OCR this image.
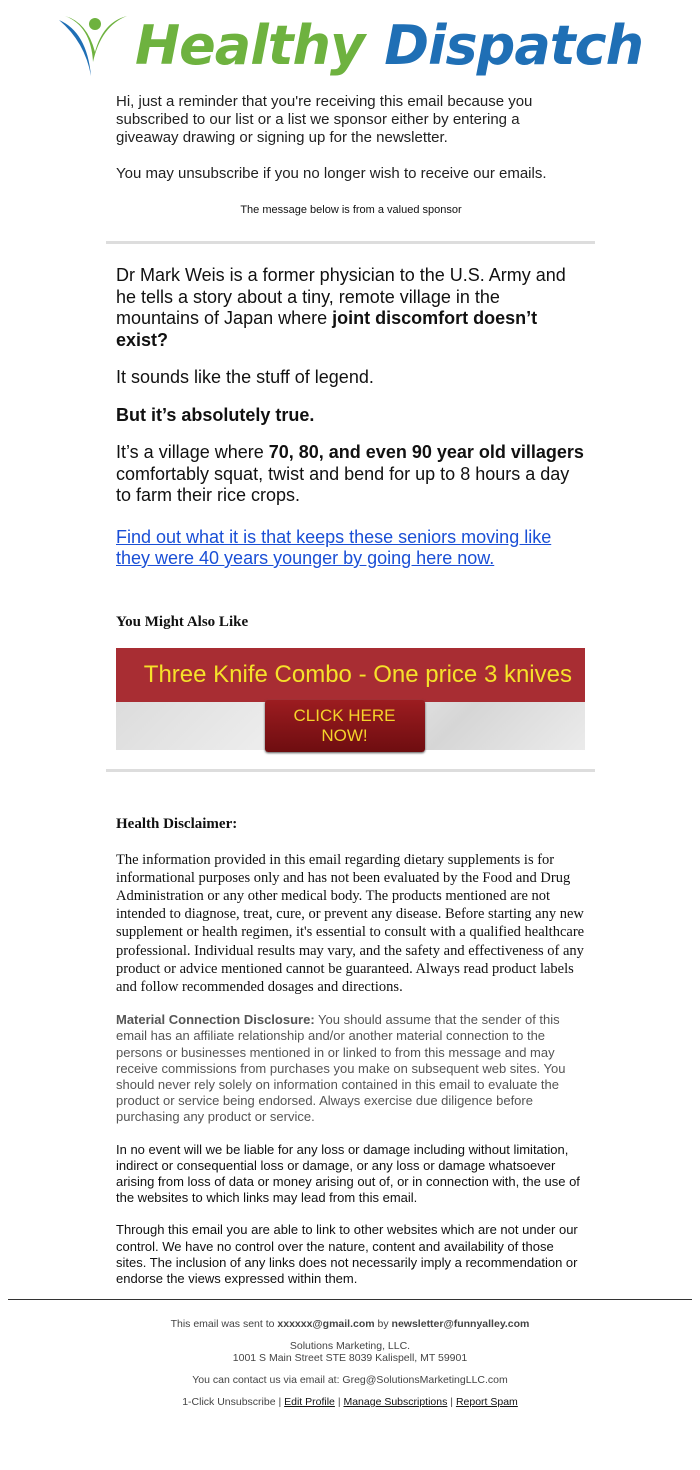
Healthy Dispatch

Hi, just a reminder that you're receiving this email because you subscribed to our list or a list we sponsor either by entering a giveaway drawing or signing up for the newsletter.

You may unsubscribe if you no longer wish to receive our emails.

The message below is from a valued sponsor

Dr Mark Weis is a former physician to the U.S. Army and he tells a story about a tiny, remote village in the mountains of Japan where joint discomfort doesn’t exist?

It sounds like the stuff of legend.

But it’s absolutely true.

It’s a village where 70, 80, and even 90 year old villagers comfortably squat, twist and bend for up to 8 hours a day to farm their rice crops.

Find out what it is that keeps these seniors moving like they were 40 years younger by going here now.

You Might Also Like

Three Knife Combo - One price 3 knives
CLICK HERE NOW!

Health Disclaimer:

The information provided in this email regarding dietary supplements is for informational purposes only and has not been evaluated by the Food and Drug Administration or any other medical body. The products mentioned are not intended to diagnose, treat, cure, or prevent any disease. Before starting any new supplement or health regimen, it's essential to consult with a qualified healthcare professional. Individual results may vary, and the safety and effectiveness of any product or advice mentioned cannot be guaranteed. Always read product labels and follow recommended dosages and directions.

Material Connection Disclosure: You should assume that the sender of this email has an affiliate relationship and/or another material connection to the persons or businesses mentioned in or linked to from this message and may receive commissions from purchases you make on subsequent web sites. You should never rely solely on information contained in this email to evaluate the product or service being endorsed. Always exercise due diligence before purchasing any product or service.

In no event will we be liable for any loss or damage including without limitation, indirect or consequential loss or damage, or any loss or damage whatsoever arising from loss of data or money arising out of, or in connection with, the use of the websites to which links may lead from this email.

Through this email you are able to link to other websites which are not under our control. We have no control over the nature, content and availability of those sites. The inclusion of any links does not necessarily imply a recommendation or endorse the views expressed within them.

This email was sent to xxxxxx@gmail.com by newsletter@funnyalley.com

Solutions Marketing, LLC.

1001 S Main Street STE 8039 Kalispell, MT 59901

You can contact us via email at: Greg@SolutionsMarketingLLC.com

1-Click Unsubscribe | Edit Profile | Manage Subscriptions | Report Spam
